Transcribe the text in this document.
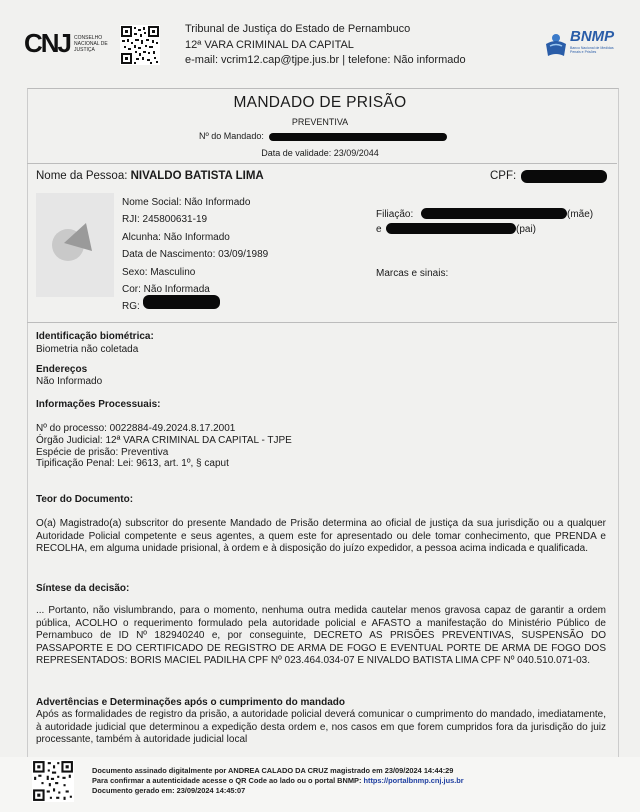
CNJ CONSELHO NACIONAL DE JUSTIÇA
Tribunal de Justiça do Estado de Pernambuco
12ª VARA CRIMINAL DA CAPITAL
e-mail: vcrim12.cap@tjpe.jus.br | telefone: Não informado
BNMP
Banco Nacional de Medidas Penais e Prisões
MANDADO DE PRISÃO
PREVENTIVA
Nº do Mandado:
Data de validade: 23/09/2044
Nome da Pessoa: NIVALDO BATISTA LIMA	CPF:
Nome Social: Não Informado
RJI: 245800631-19
Alcunha: Não Informado
Data de Nascimento: 03/09/1989
Sexo: Masculino
Cor: Não Informada
RG:
Filiação:	(mãe)
e	(pai)
Marcas e sinais:
Identificação biométrica:
Biometria não coletada
Endereços
Não Informado
Informações Processuais:
Nº do processo: 0022884-49.2024.8.17.2001
Órgão Judicial: 12ª VARA CRIMINAL DA CAPITAL - TJPE
Espécie de prisão: Preventiva
Tipificação Penal: Lei: 9613, art. 1º, § caput
Teor do Documento:
O(a) Magistrado(a) subscritor do presente Mandado de Prisão determina ao oficial de justiça da sua jurisdição ou a qualquer Autoridade Policial competente e seus agentes, a quem este for apresentado ou dele tomar conhecimento, que PRENDA e RECOLHA, em alguma unidade prisional, à ordem e à disposição do juízo expedidor, a pessoa acima indicada e qualificada.
Síntese da decisão:
... Portanto, não vislumbrando, para o momento, nenhuma outra medida cautelar menos gravosa capaz de garantir a ordem pública, ACOLHO o requerimento formulado pela autoridade policial e AFASTO a manifestação do Ministério Público de Pernambuco de ID Nº 182940240 e, por conseguinte, DECRETO AS PRISÕES PREVENTIVAS, SUSPENSÃO DO PASSAPORTE E DO CERTIFICADO DE REGISTRO DE ARMA DE FOGO E EVENTUAL PORTE DE ARMA DE FOGO DOS REPRESENTADOS: BORIS MACIEL PADILHA CPF Nº 023.464.034-07 E NIVALDO BATISTA LIMA CPF Nº 040.510.071-03.
Advertências e Determinações após o cumprimento do mandado
Após as formalidades de registro da prisão, a autoridade policial deverá comunicar o cumprimento do mandado, imediatamente, à autoridade judicial que determinou a expedição desta ordem e, nos casos em que forem cumpridos fora da jurisdição do juiz processante, também à autoridade judicial local
Documento assinado digitalmente por ANDREA CALADO DA CRUZ magistrado em 23/09/2024 14:44:29
Para confirmar a autenticidade acesse o QR Code ao lado ou o portal BNMP: https://portalbnmp.cnj.jus.br
Documento gerado em: 23/09/2024 14:45:07
